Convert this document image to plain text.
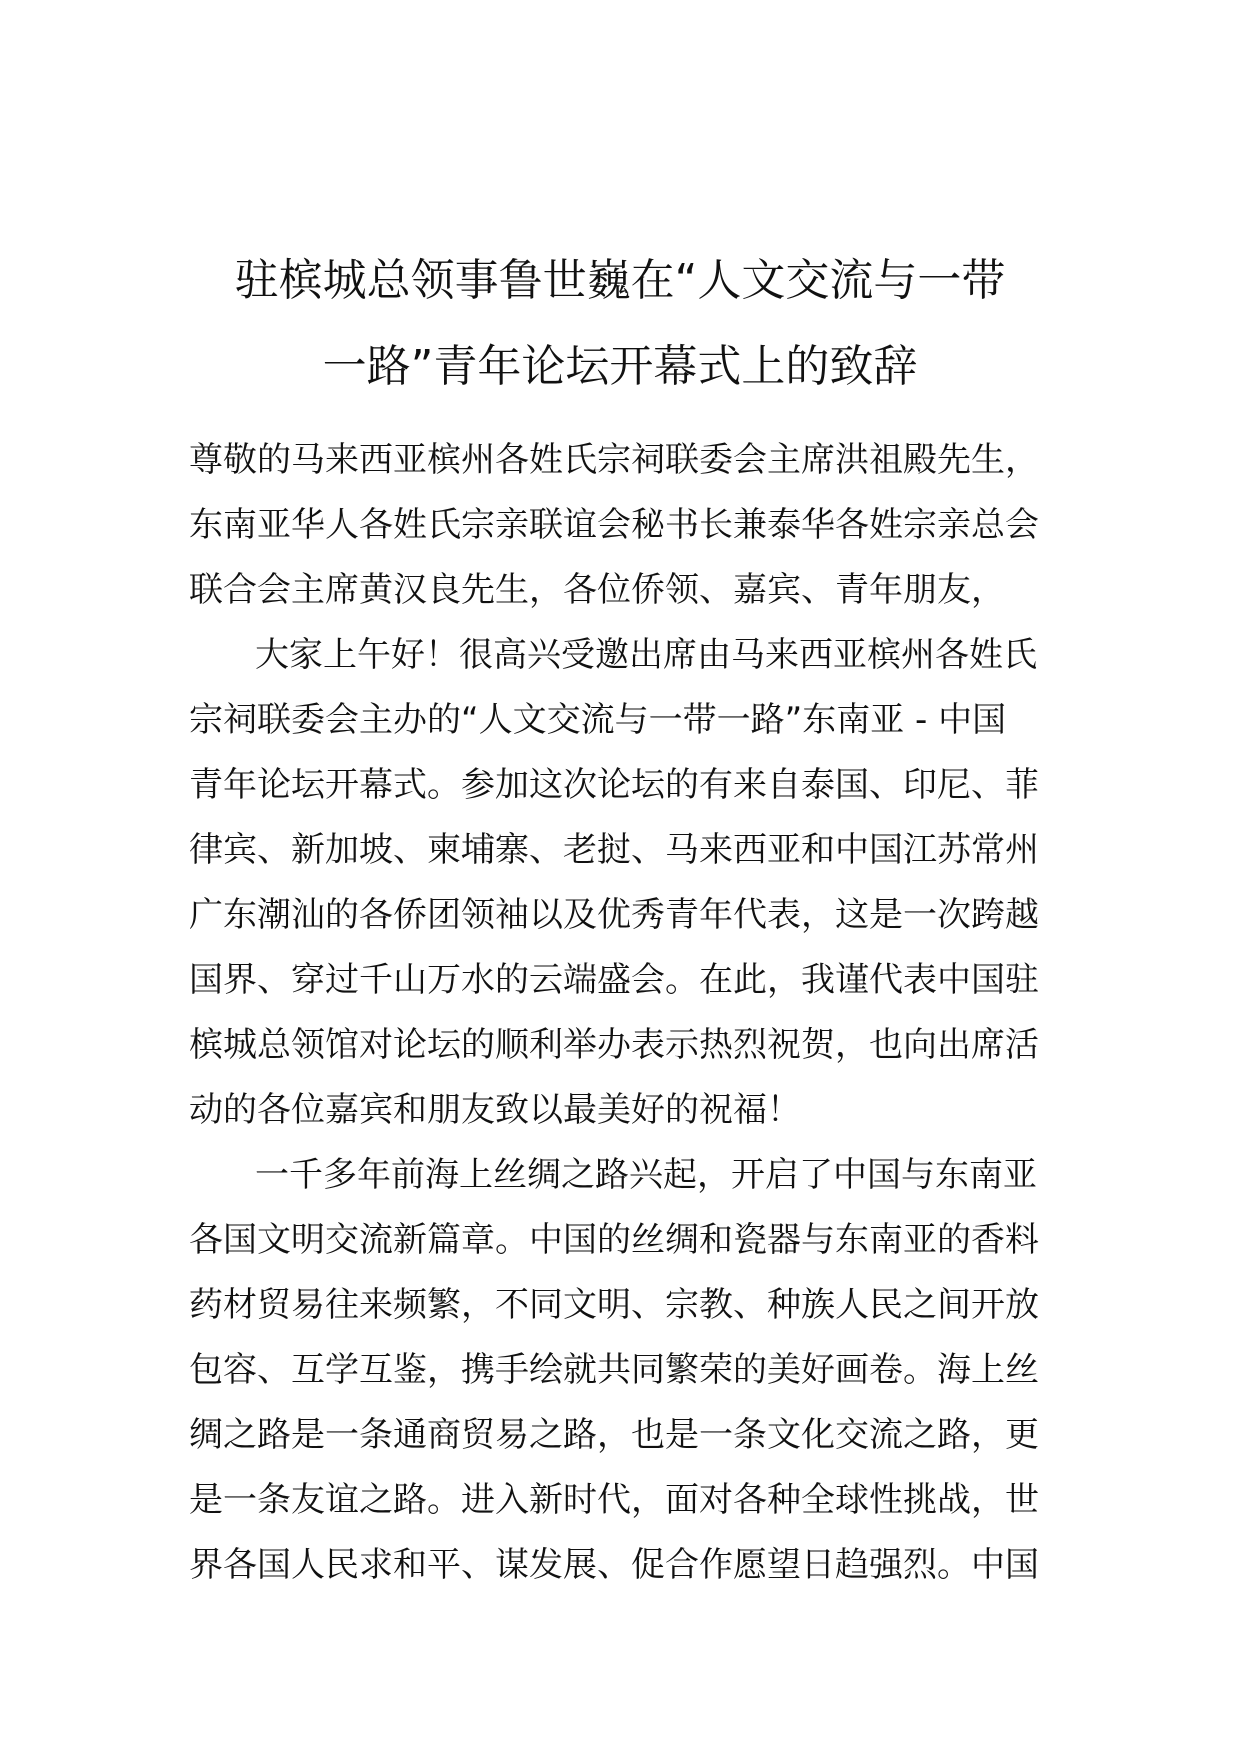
驻槟城总领事鲁世巍在“人文交流与一带
一路”青年论坛开幕式上的致辞
尊敬的马来西亚槟州各姓氏宗祠联委会主席洪祖殿先生，
东南亚华人各姓氏宗亲联谊会秘书长兼泰华各姓宗亲总会
联合会主席黄汉良先生，各位侨领、嘉宾、青年朋友，
大家上午好！很高兴受邀出席由马来西亚槟州各姓氏
宗祠联委会主办的“人文交流与一带一路”东南亚 - 中国
青年论坛开幕式。参加这次论坛的有来自泰国、印尼、菲
律宾、新加坡、柬埔寨、老挝、马来西亚和中国江苏常州
广东潮汕的各侨团领袖以及优秀青年代表，这是一次跨越
国界、穿过千山万水的云端盛会。在此，我谨代表中国驻
槟城总领馆对论坛的顺利举办表示热烈祝贺，也向出席活
动的各位嘉宾和朋友致以最美好的祝福！
一千多年前海上丝绸之路兴起，开启了中国与东南亚
各国文明交流新篇章。中国的丝绸和瓷器与东南亚的香料
药材贸易往来频繁，不同文明、宗教、种族人民之间开放
包容、互学互鉴，携手绘就共同繁荣的美好画卷。海上丝
绸之路是一条通商贸易之路，也是一条文化交流之路，更
是一条友谊之路。进入新时代，面对各种全球性挑战，世
界各国人民求和平、谋发展、促合作愿望日趋强烈。中国
